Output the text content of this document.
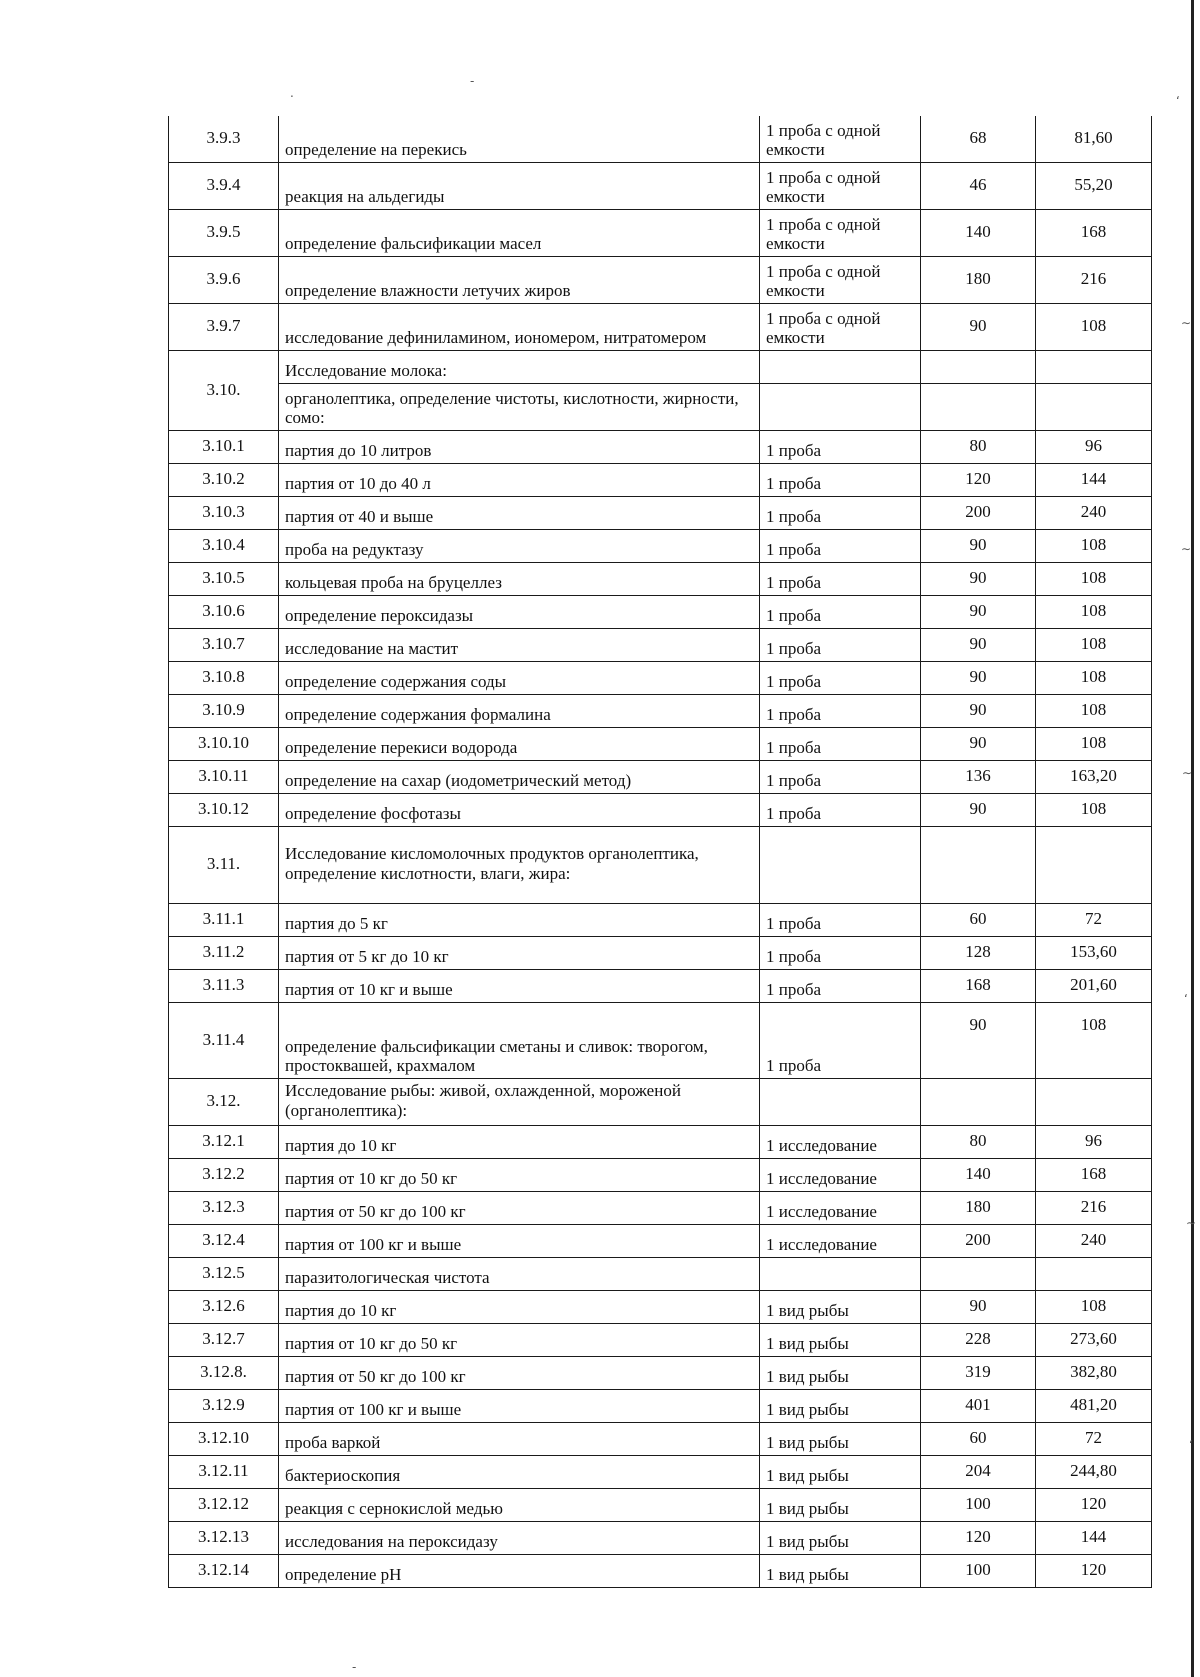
3.9.3	определение на перекись	1 проба с одной емкости	68	81,60
3.9.4	реакция на альдегиды	1 проба с одной емкости	46	55,20
3.9.5	определение фальсификации масел	1 проба с одной емкости	140	168
3.9.6	определение влажности летучих жиров	1 проба с одной емкости	180	216
3.9.7	исследование дефиниламином, иономером, нитратомером	1 проба с одной емкости	90	108
3.10.	Исследование молока:			
	органолептика, определение чистоты, кислотности, жирности, сомо:			
3.10.1	партия до 10 литров	1 проба	80	96
3.10.2	партия от 10 до 40 л	1 проба	120	144
3.10.3	партия от 40 и выше	1 проба	200	240
3.10.4	проба на редуктазу	1 проба	90	108
3.10.5	кольцевая проба на бруцеллез	1 проба	90	108
3.10.6	определение пероксидазы	1 проба	90	108
3.10.7	исследование на мастит	1 проба	90	108
3.10.8	определение содержания соды	1 проба	90	108
3.10.9	определение содержания формалина	1 проба	90	108
3.10.10	определение перекиси водорода	1 проба	90	108
3.10.11	определение на сахар (иодометрический метод)	1 проба	136	163,20
3.10.12	определение фосфотазы	1 проба	90	108
3.11.	Исследование кисломолочных продуктов органолептика, определение кислотности, влаги, жира:			
3.11.1	партия до 5 кг	1 проба	60	72
3.11.2	партия от 5 кг до 10 кг	1 проба	128	153,60
3.11.3	партия от 10 кг и выше	1 проба	168	201,60
3.11.4	определение фальсификации сметаны и сливок: творогом, простоквашей, крахмалом	1 проба	90	108
3.12.	Исследование рыбы: живой, охлажденной, мороженой (органолептика):			
3.12.1	партия до 10 кг	1 исследование	80	96
3.12.2	партия от 10 кг до 50 кг	1 исследование	140	168
3.12.3	партия от 50 кг до 100 кг	1 исследование	180	216
3.12.4	партия от 100 кг и выше	1 исследование	200	240
3.12.5	паразитологическая чистота			
3.12.6	партия до 10 кг	1 вид рыбы	90	108
3.12.7	партия от 10 кг до 50 кг	1 вид рыбы	228	273,60
3.12.8.	партия от 50 кг до 100 кг	1 вид рыбы	319	382,80
3.12.9	партия от 100 кг и выше	1 вид рыбы	401	481,20
3.12.10	проба варкой	1 вид рыбы	60	72
3.12.11	бактериоскопия	1 вид рыбы	204	244,80
3.12.12	реакция с сернокислой медью	1 вид рыбы	100	120
3.12.13	исследования на пероксидазу	1 вид рыбы	120	144
3.12.14	определение pH	1 вид рыбы	100	120
‘
∼
∼
∼
‘
∼
‘
.
-
-
